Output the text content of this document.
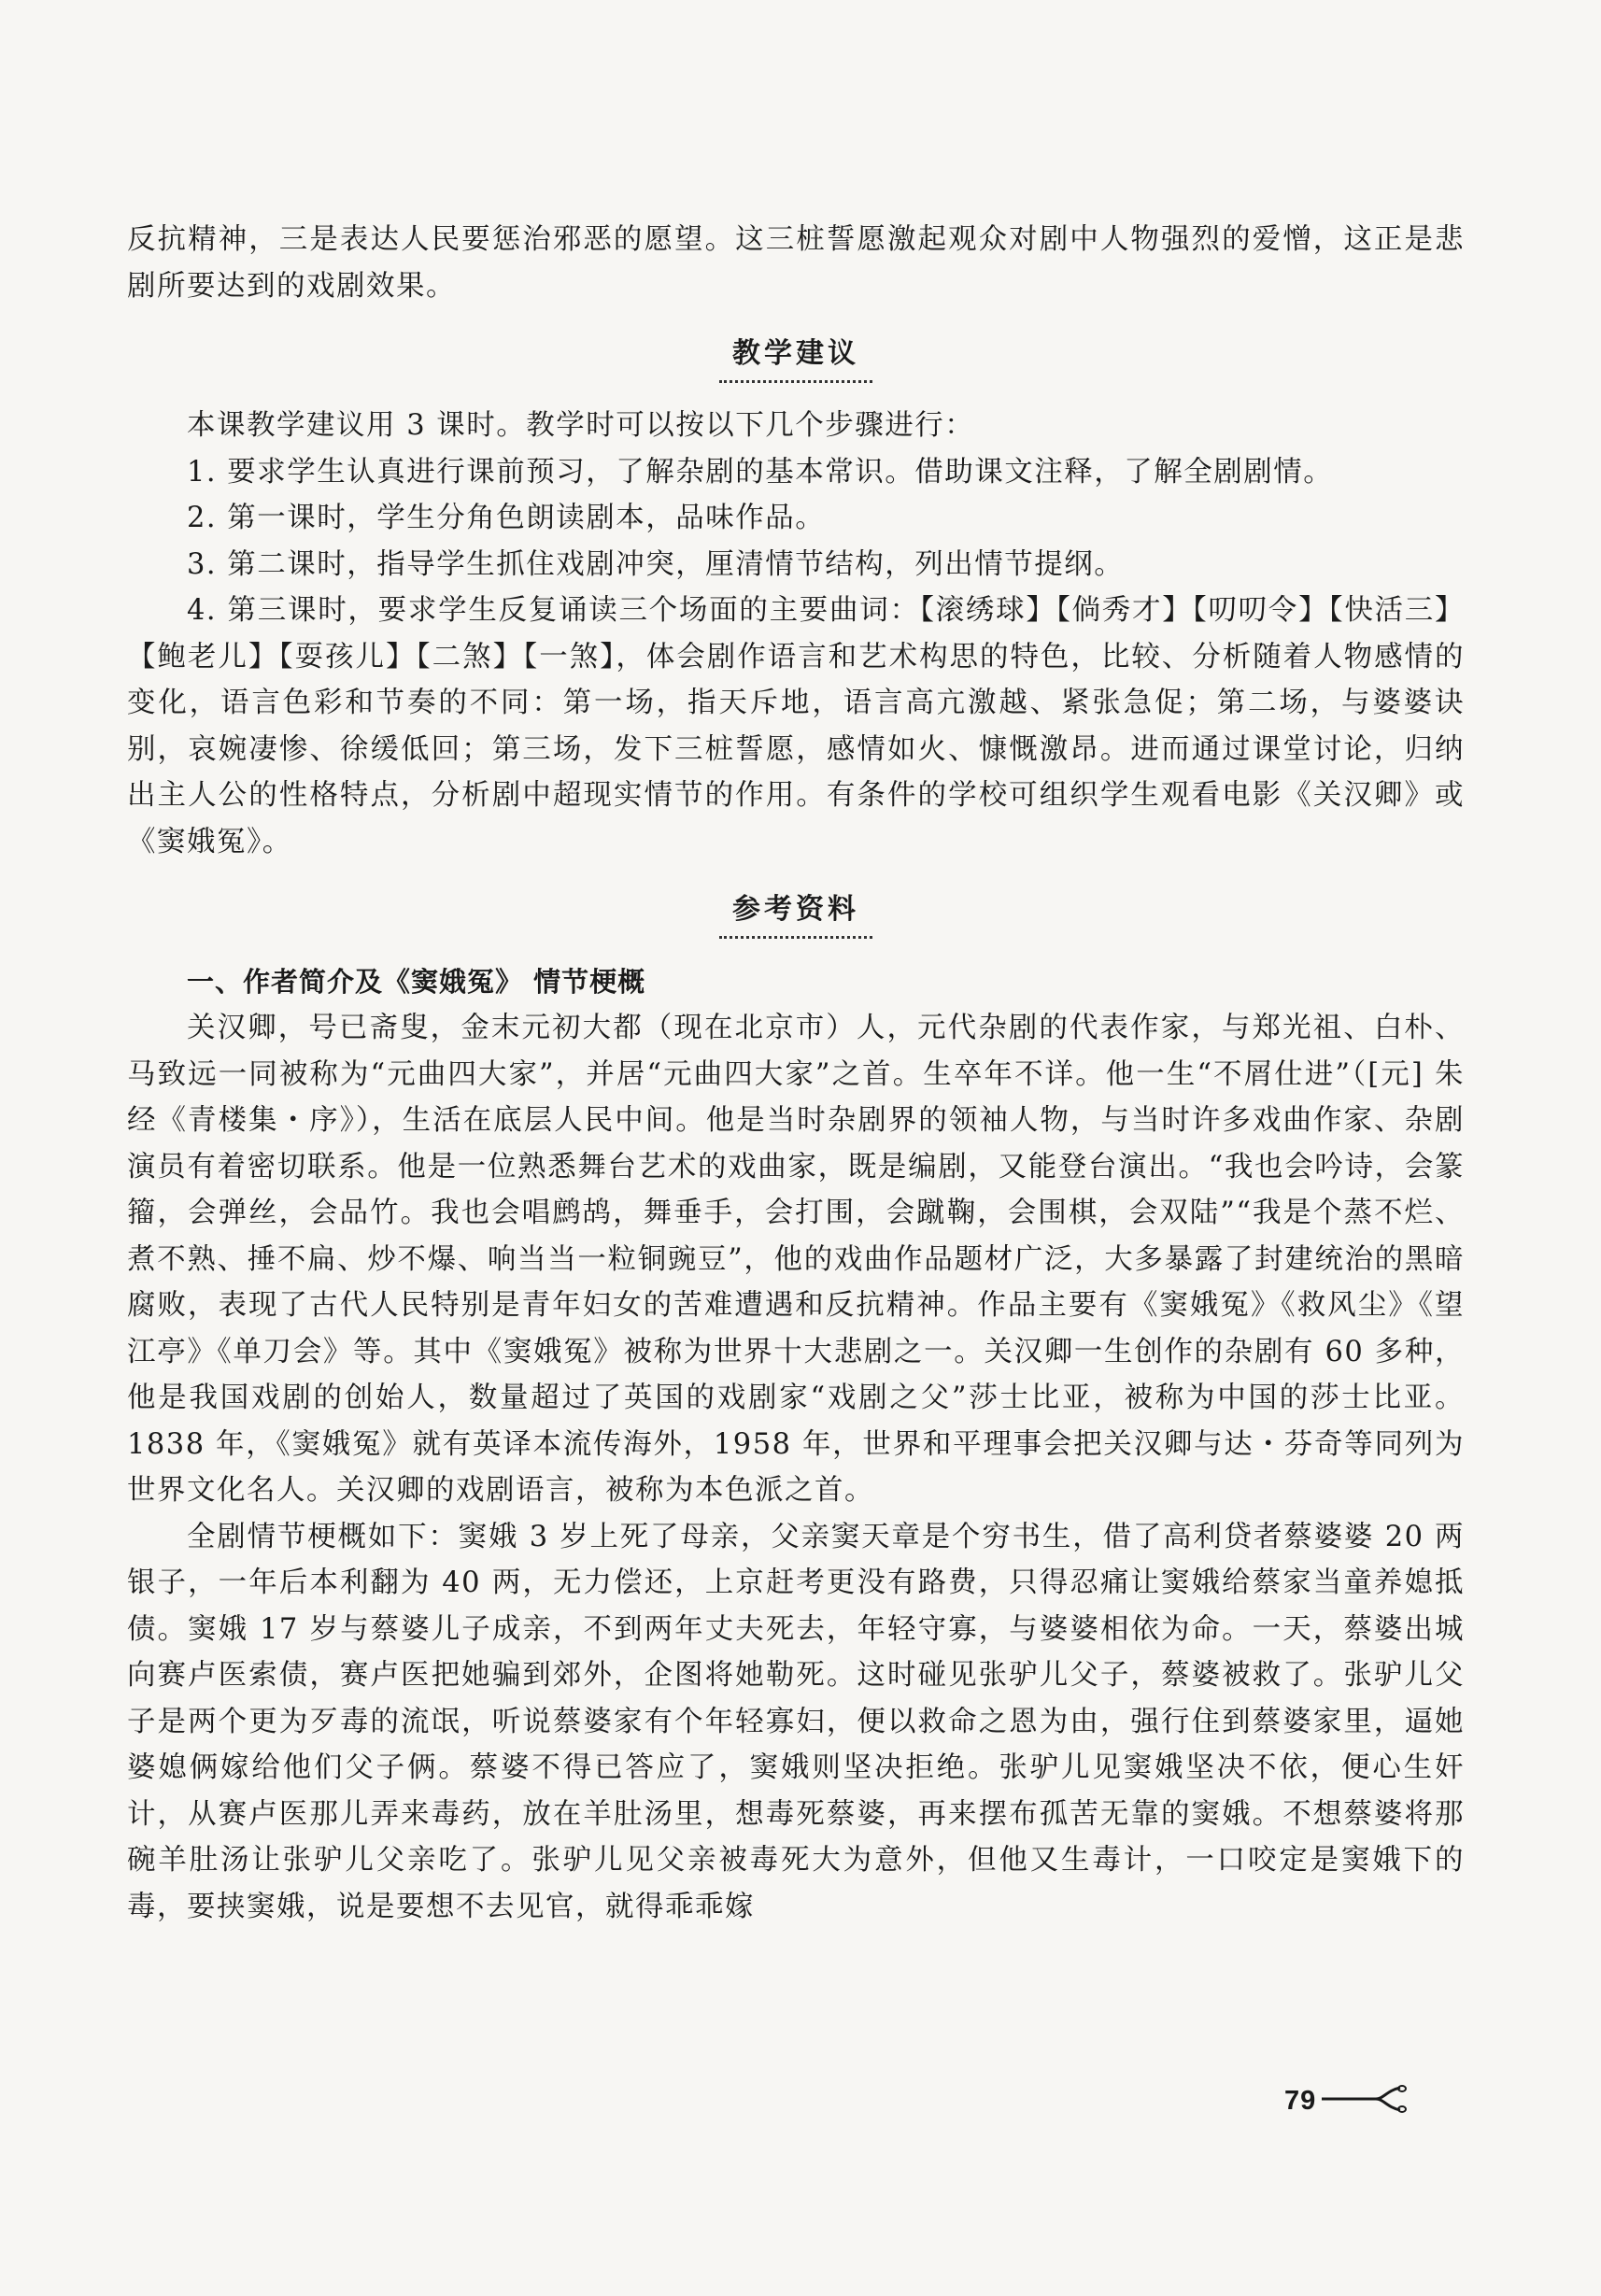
反抗精神，三是表达人民要惩治邪恶的愿望。这三桩誓愿激起观众对剧中人物强烈的爱憎，这正是悲剧所要达到的戏剧效果。

教学建议

本课教学建议用 3 课时。教学时可以按以下几个步骤进行：

1. 要求学生认真进行课前预习，了解杂剧的基本常识。借助课文注释，了解全剧剧情。

2. 第一课时，学生分角色朗读剧本，品味作品。

3. 第二课时，指导学生抓住戏剧冲突，厘清情节结构，列出情节提纲。

4. 第三课时，要求学生反复诵读三个场面的主要曲词：【滚绣球】【倘秀才】【叨叨令】【快活三】【鲍老儿】【耍孩儿】【二煞】【一煞】，体会剧作语言和艺术构思的特色，比较、分析随着人物感情的变化，语言色彩和节奏的不同：第一场，指天斥地，语言高亢激越、紧张急促；第二场，与婆婆诀别，哀婉凄惨、徐缓低回；第三场，发下三桩誓愿，感情如火、慷慨激昂。进而通过课堂讨论，归纳出主人公的性格特点，分析剧中超现实情节的作用。有条件的学校可组织学生观看电影《关汉卿》或《窦娥冤》。

参考资料

一、作者简介及《窦娥冤》 情节梗概

关汉卿，号已斋叟，金末元初大都（现在北京市）人，元代杂剧的代表作家，与郑光祖、白朴、马致远一同被称为“元曲四大家”，并居“元曲四大家”之首。生卒年不详。他一生“不屑仕进”（[元] 朱经《青楼集・序》），生活在底层人民中间。他是当时杂剧界的领袖人物，与当时许多戏曲作家、杂剧演员有着密切联系。他是一位熟悉舞台艺术的戏曲家，既是编剧，又能登台演出。“我也会吟诗，会篆籀，会弹丝，会品竹。我也会唱鹧鸪，舞垂手，会打围，会蹴鞠，会围棋，会双陆”“我是个蒸不烂、煮不熟、捶不扁、炒不爆、响当当一粒铜豌豆”，他的戏曲作品题材广泛，大多暴露了封建统治的黑暗腐败，表现了古代人民特别是青年妇女的苦难遭遇和反抗精神。作品主要有《窦娥冤》《救风尘》《望江亭》《单刀会》等。其中《窦娥冤》被称为世界十大悲剧之一。关汉卿一生创作的杂剧有 60 多种，他是我国戏剧的创始人，数量超过了英国的戏剧家“戏剧之父”莎士比亚，被称为中国的莎士比亚。1838 年，《窦娥冤》就有英译本流传海外，1958 年，世界和平理事会把关汉卿与达・芬奇等同列为世界文化名人。关汉卿的戏剧语言，被称为本色派之首。

全剧情节梗概如下：窦娥 3 岁上死了母亲，父亲窦天章是个穷书生，借了高利贷者蔡婆婆 20 两银子，一年后本利翻为 40 两，无力偿还，上京赶考更没有路费，只得忍痛让窦娥给蔡家当童养媳抵债。窦娥 17 岁与蔡婆儿子成亲，不到两年丈夫死去，年轻守寡，与婆婆相依为命。一天，蔡婆出城向赛卢医索债，赛卢医把她骗到郊外，企图将她勒死。这时碰见张驴儿父子，蔡婆被救了。张驴儿父子是两个更为歹毒的流氓，听说蔡婆家有个年轻寡妇，便以救命之恩为由，强行住到蔡婆家里，逼她婆媳俩嫁给他们父子俩。蔡婆不得已答应了，窦娥则坚决拒绝。张驴儿见窦娥坚决不依，便心生奸计，从赛卢医那儿弄来毒药，放在羊肚汤里，想毒死蔡婆，再来摆布孤苦无靠的窦娥。不想蔡婆将那碗羊肚汤让张驴儿父亲吃了。张驴儿见父亲被毒死大为意外，但他又生毒计，一口咬定是窦娥下的毒，要挟窦娥，说是要想不去见官，就得乖乖嫁

79
